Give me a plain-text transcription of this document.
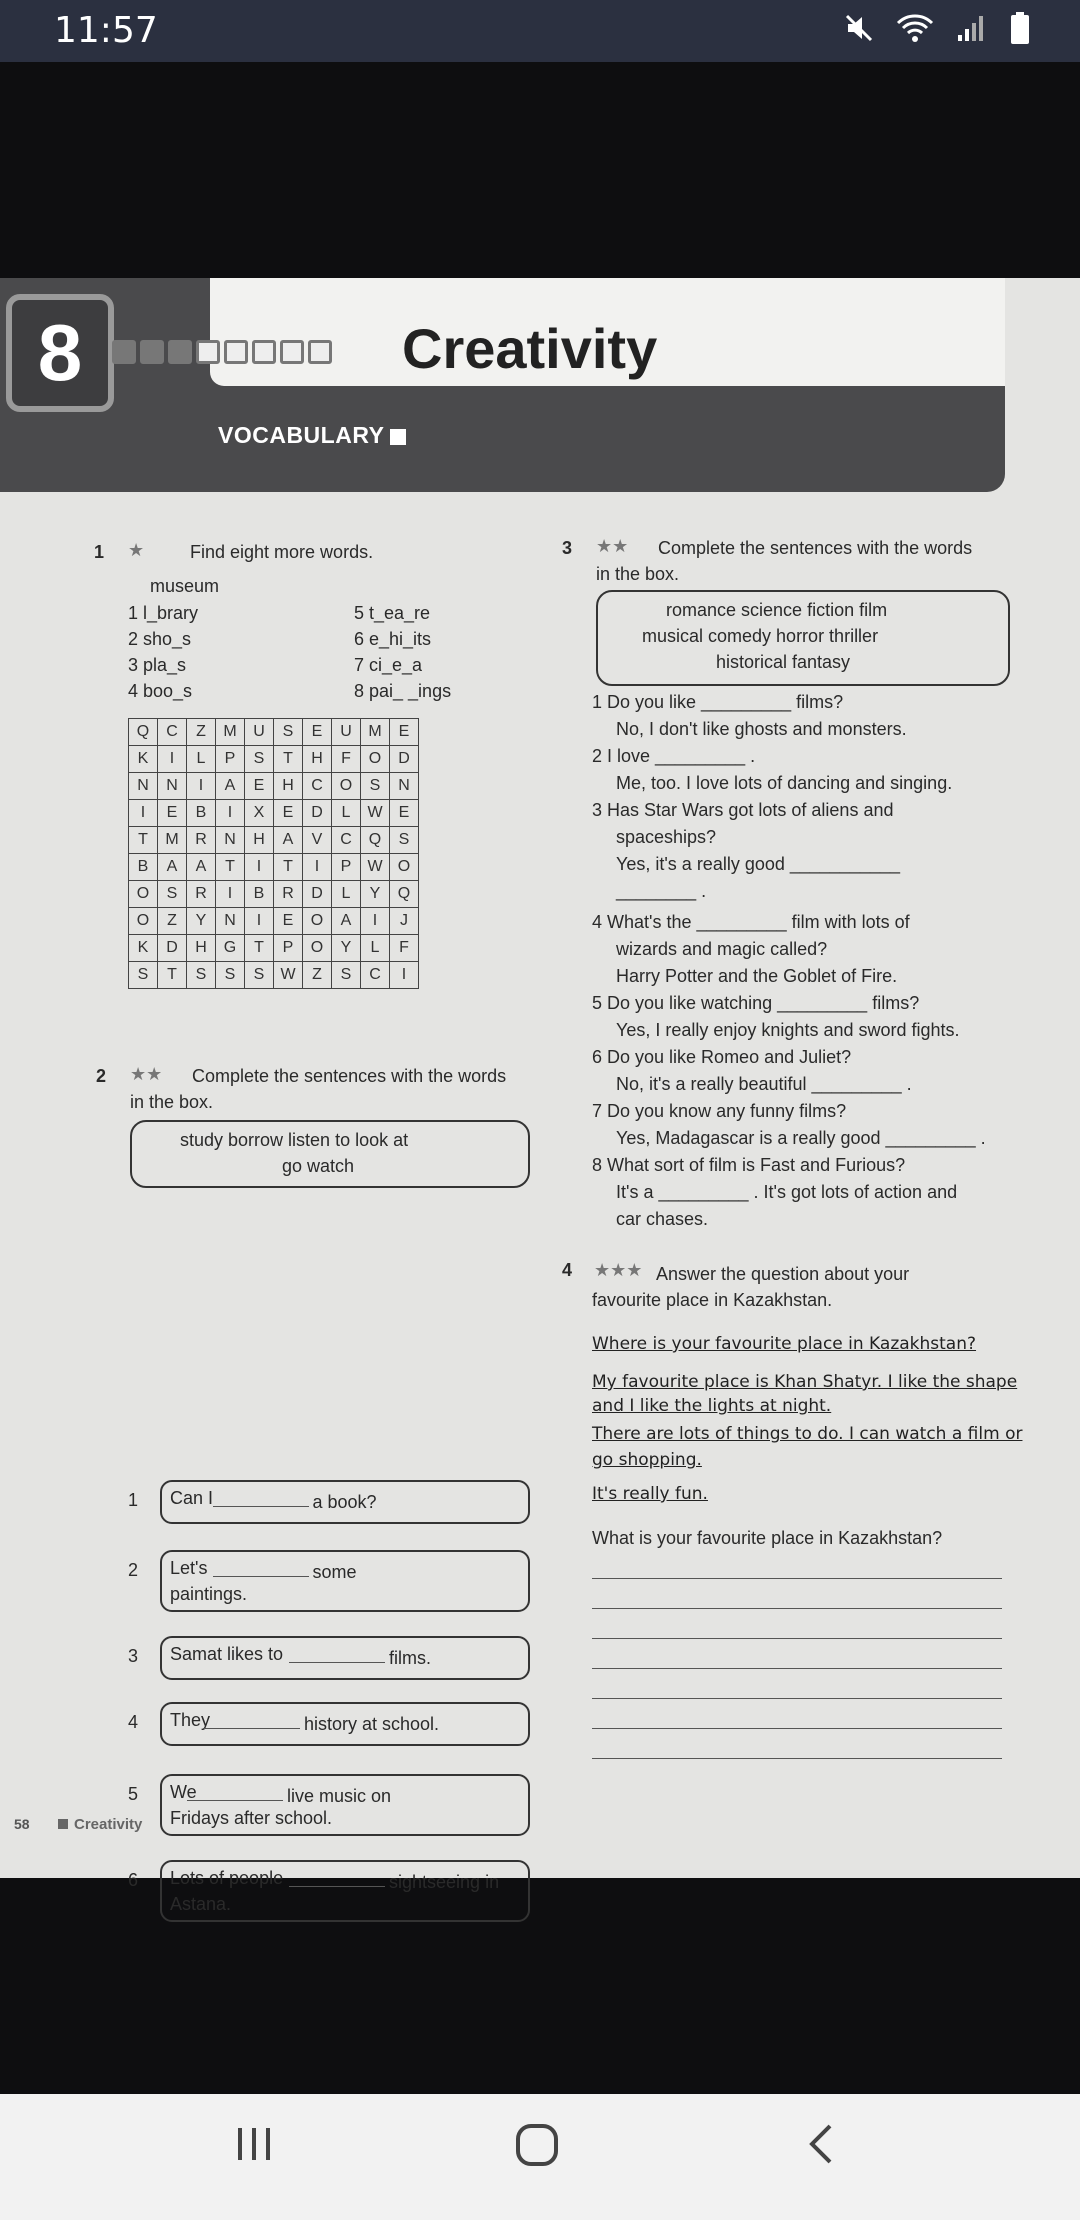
11:57
8	Creativity
VOCABULARY
1 ★	Find eight more words.
museum
1 l_brary
2 sho_s
3 pla_s
4 boo_s
5 t_ea_re
6 e_hi_its
7 ci_e_a
8 pai_ _ings
Q	C	Z	M	U	S	E	U	M	E
K	I	L	P	S	T	H	F	O	D
N	N	I	A	E	H	C	O	S	N
I	E	B	I	X	E	D	L	W	E
T	M	R	N	H	A	V	C	Q	S
B	A	A	T	I	T	I	P	W	O
O	S	R	I	B	R	D	L	Y	Q
O	Z	Y	N	I	E	O	A	I	J
K	D	H	G	T	P	O	Y	L	F
S	T	S	S	S	W	Z	S	C	I
2 ★★ Complete the sentences with the words
in the box.
study borrow listen to look at
go watch
1 Can I	a book?
2 Let's	some
paintings.
3 Samat likes to	films.
4 They	history at school.
5 We	live music on
Fridays after school.
6 Lots of people	sightseeing in
Astana.
3 ★★ Complete the sentences with the words
in the box.
romance science fiction film
musical comedy horror thriller
historical fantasy
1 Do you like _________ films?
No, I don't like ghosts and monsters.
2 I love _________ .
Me, too. I love lots of dancing and singing.
3 Has Star Wars got lots of aliens and
spaceships?
Yes, it's a really good ___________
________ .
4 What's the _________ film with lots of
wizards and magic called?
Harry Potter and the Goblet of Fire.
5 Do you like watching _________ films?
Yes, I really enjoy knights and sword fights.
6 Do you like Romeo and Juliet?
No, it's a really beautiful _________ .
7 Do you know any funny films?
Yes, Madagascar is a really good _________ .
8 What sort of film is Fast and Furious?
It's a _________ . It's got lots of action and
car chases.
4 ★★★ Answer the question about your
favourite place in Kazakhstan.
Where is your favourite place in Kazakhstan?
My favourite place is Khan Shatyr. I like the shape
and I like the lights at night.
There are lots of things to do. I can watch a film or
go shopping.
It's really fun.
What is your favourite place in Kazakhstan?
58	Creativity
